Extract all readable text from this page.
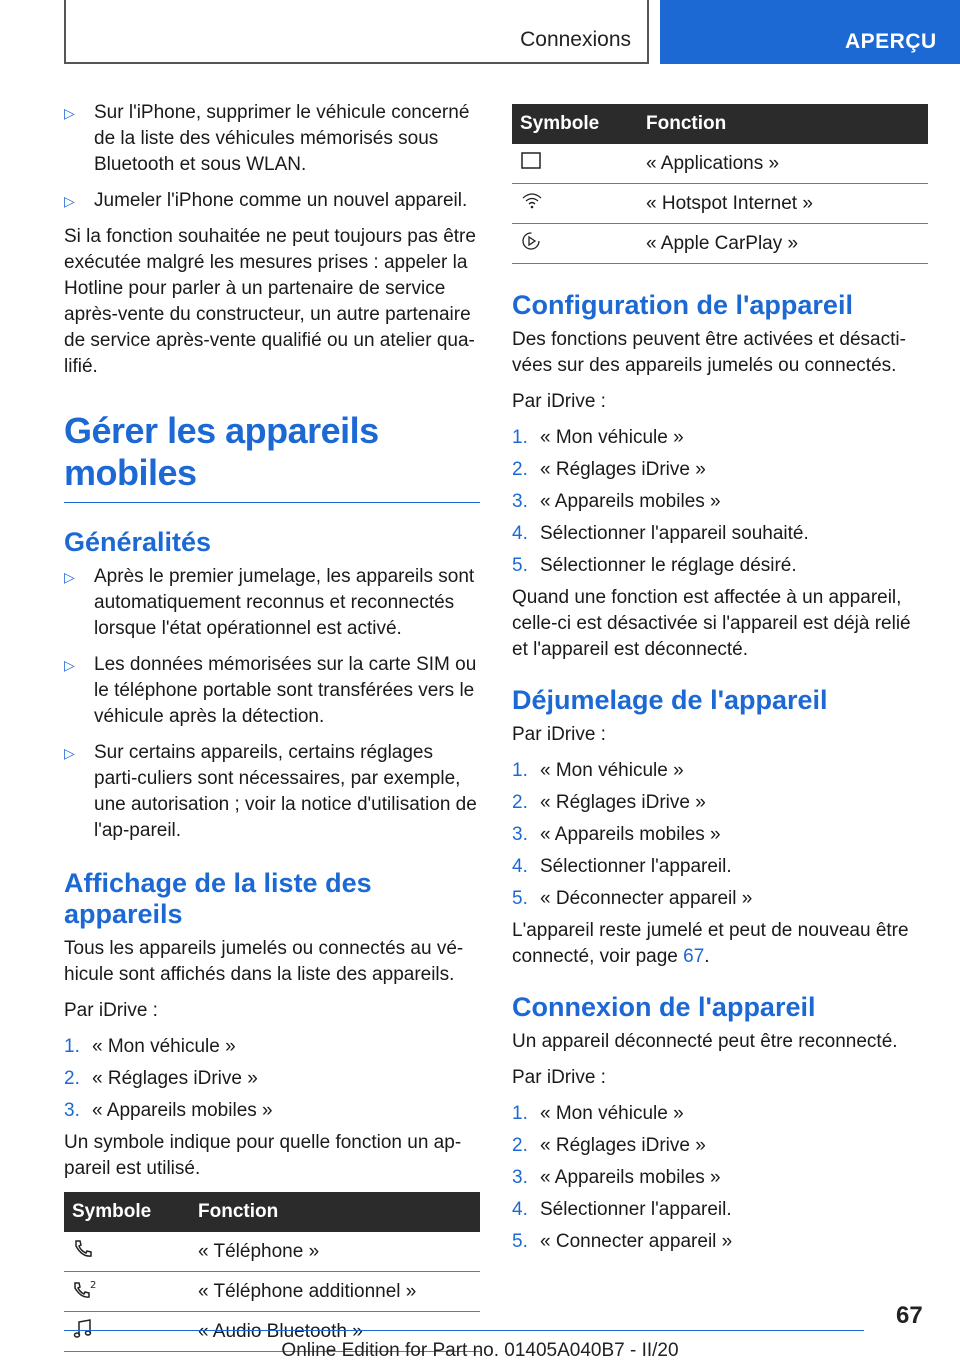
Connexions	APERÇU
▷ Sur l'iPhone, supprimer le véhicule concerné de la liste des véhicules mémorisés sous Bluetooth et sous WLAN.
▷ Jumeler l'iPhone comme un nouvel appareil.

Si la fonction souhaitée ne peut toujours pas être exécutée malgré les mesures prises : appeler la Hotline pour parler à un partenaire de service après-vente du constructeur, un autre partenaire de service après-vente qualifié ou un atelier qua-lifié.

Gérer les appareils mobiles
Généralités
▷ Après le premier jumelage, les appareils sont automatiquement reconnus et reconnectés lorsque l'état opérationnel est activé.
▷ Les données mémorisées sur la carte SIM ou le téléphone portable sont transférées vers le véhicule après la détection.
▷ Sur certains appareils, certains réglages parti-culiers sont nécessaires, par exemple, une autorisation ; voir la notice d'utilisation de l'ap-pareil.
Affichage de la liste des appareils

Tous les appareils jumelés ou connectés au vé-hicule sont affichés dans la liste des appareils.

Par iDrive :

1. « Mon véhicule »
2. « Réglages iDrive »
3. « Appareils mobiles »

Un symbole indique pour quelle fonction un ap-pareil est utilisé.

Symbole	Fonction
	« Téléphone »

2	« Téléphone additionnel »
	« Audio Bluetooth »
Symbole	Fonction
	« Applications »
	« Hotspot Internet »
	« Apple CarPlay »
Configuration de l'appareil

Des fonctions peuvent être activées et désacti-vées sur des appareils jumelés ou connectés.

Par iDrive :

1. « Mon véhicule »
2. « Réglages iDrive »
3. « Appareils mobiles »
4. Sélectionner l'appareil souhaité.
5. Sélectionner le réglage désiré.

Quand une fonction est affectée à un appareil, celle-ci est désactivée si l'appareil est déjà relié et l'appareil est déconnecté.

Déjumelage de l'appareil

Par iDrive :

1. « Mon véhicule »
2. « Réglages iDrive »
3. « Appareils mobiles »
4. Sélectionner l'appareil.
5. « Déconnecter appareil »

L'appareil reste jumelé et peut de nouveau être connecté, voir page 67.

Connexion de l'appareil

Un appareil déconnecté peut être reconnecté.

Par iDrive :

1. « Mon véhicule »
2. « Réglages iDrive »
3. « Appareils mobiles »
4. Sélectionner l'appareil.
5. « Connecter appareil »
67
Online Edition for Part no. 01405A040B7 - II/20
